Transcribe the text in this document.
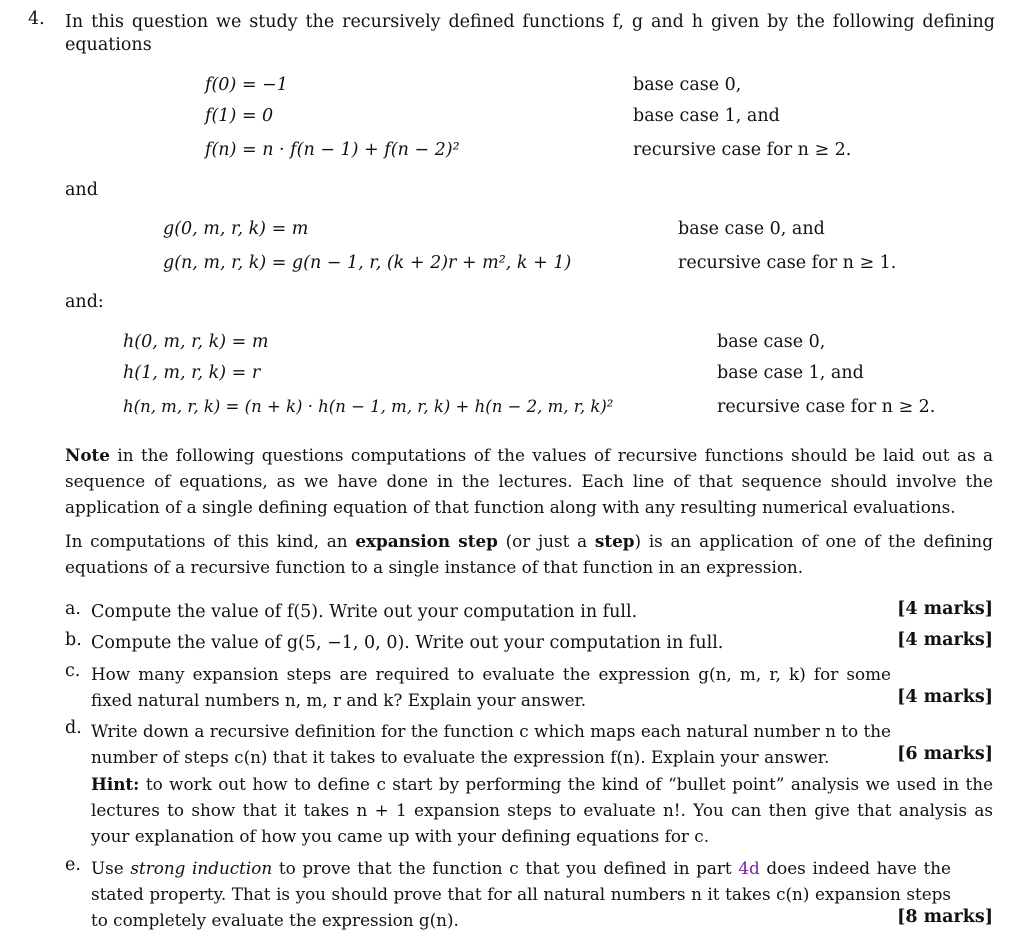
4. In this question we study the recursively defined functions f, g and h given by the following defining
equations
f(0) = −1	base case 0,
f(1) = 0	base case 1, and
f(n) = n · f(n − 1) + f(n − 2)²	recursive case for n ≥ 2.
and
g(0, m, r, k) = m	base case 0, and
g(n, m, r, k) = g(n − 1, r, (k + 2)r + m², k + 1)	recursive case for n ≥ 1.
and:
h(0, m, r, k) = m	base case 0,
h(1, m, r, k) = r	base case 1, and
h(n, m, r, k) = (n + k) · h(n − 1, m, r, k) + h(n − 2, m, r, k)²	recursive case for n ≥ 2.
Note in the following questions computations of the values of recursive functions should be laid out as a sequence of equations, as we have done in the lectures. Each line of that sequence should involve the application of a single defining equation of that function along with any resulting numerical evaluations.
In computations of this kind, an expansion step (or just a step) is an application of one of the defining equations of a recursive function to a single instance of that function in an expression.
a. Compute the value of f(5). Write out your computation in full.	[4 marks]
b. Compute the value of g(5, −1, 0, 0). Write out your computation in full.	[4 marks]
c. How many expansion steps are required to evaluate the expression g(n, m, r, k) for some fixed natural numbers n, m, r and k? Explain your answer.	[4 marks]
d. Write down a recursive definition for the function c which maps each natural number n to the number of steps c(n) that it takes to evaluate the expression f(n). Explain your answer.	[6 marks]
Hint: to work out how to define c start by performing the kind of “bullet point” analysis we used in the lectures to show that it takes n + 1 expansion steps to evaluate n!. You can then give that analysis as your explanation of how you came up with your defining equations for c.
e. Use strong induction to prove that the function c that you defined in part 4d does indeed have the stated property. That is you should prove that for all natural numbers n it takes c(n) expansion steps to completely evaluate the expression g(n).	[8 marks]
